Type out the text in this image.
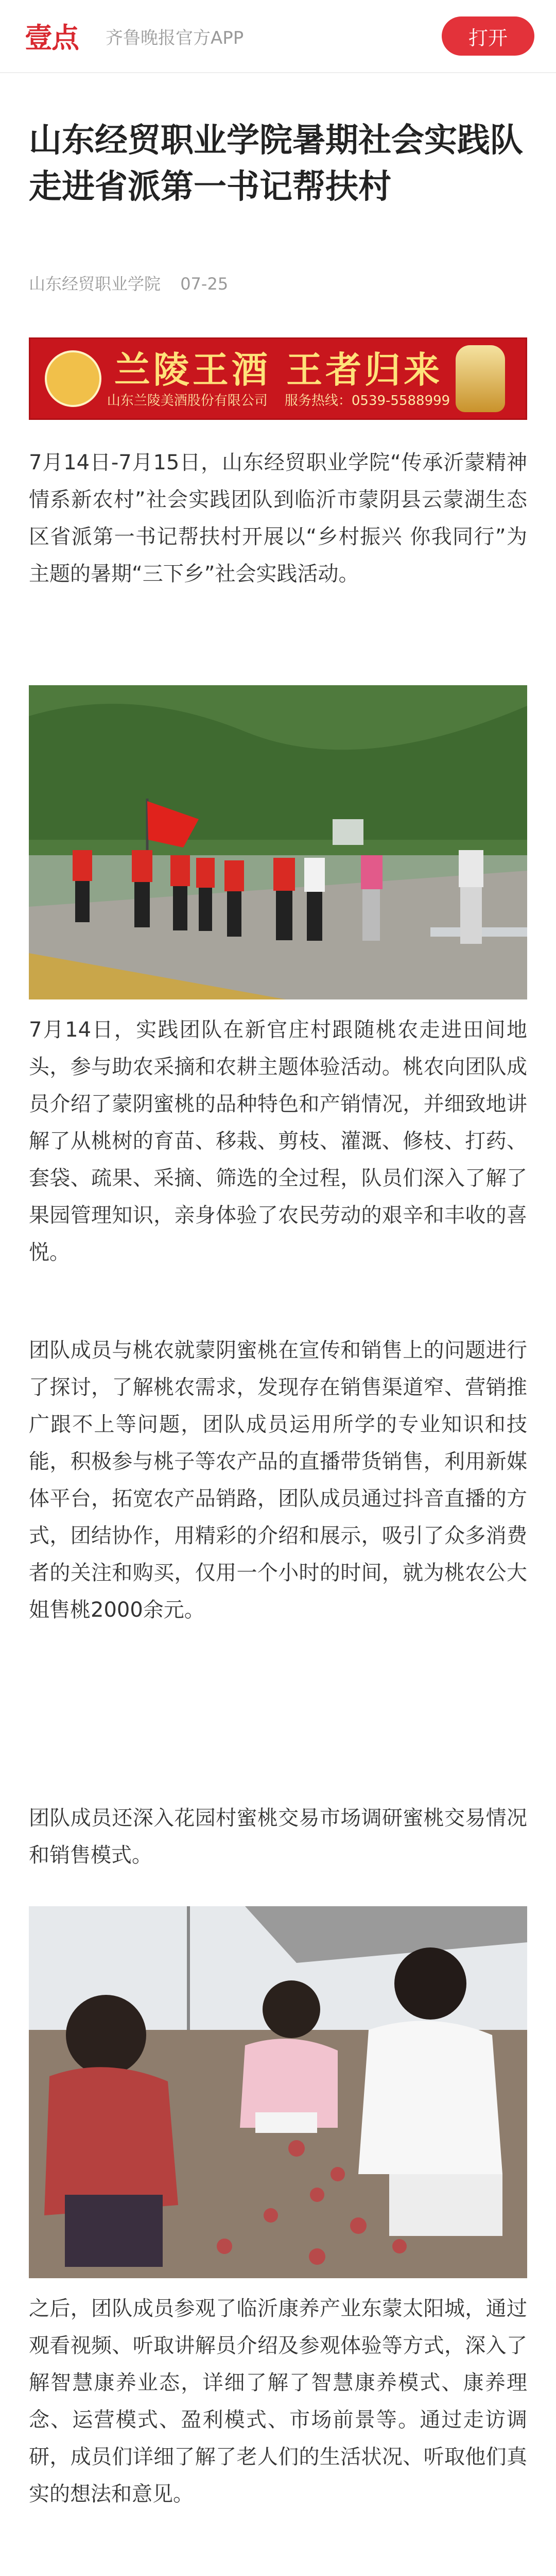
壹点 齐鲁晚报官方APP	打开
山东经贸职业学院暑期社会实践队走进省派第一书记帮扶村
山东经贸职业学院 07-25
兰陵王酒 王者归来
山东兰陵美酒股份有限公司 服务热线：0539-5588999
7月14日-7月15日，山东经贸职业学院“传承沂蒙精神 情系新农村”社会实践团队到临沂市蒙阴县云蒙湖生态区省派第一书记帮扶村开展以“乡村振兴 你我同行”为主题的暑期“三下乡”社会实践活动。
7月14日，实践团队在新官庄村跟随桃农走进田间地头，参与助农采摘和农耕主题体验活动。桃农向团队成员介绍了蒙阴蜜桃的品种特色和产销情况，并细致地讲解了从桃树的育苗、移栽、剪枝、灌溉、修枝、打药、套袋、疏果、采摘、筛选的全过程，队员们深入了解了果园管理知识，亲身体验了农民劳动的艰辛和丰收的喜悦。
团队成员与桃农就蒙阴蜜桃在宣传和销售上的问题进行了探讨，了解桃农需求，发现存在销售渠道窄、营销推广跟不上等问题，团队成员运用所学的专业知识和技能，积极参与桃子等农产品的直播带货销售，利用新媒体平台，拓宽农产品销路，团队成员通过抖音直播的方式，团结协作，用精彩的介绍和展示，吸引了众多消费者的关注和购买，仅用一个小时的时间，就为桃农公大姐售桃2000余元。
团队成员还深入花园村蜜桃交易市场调研蜜桃交易情况和销售模式。
之后，团队成员参观了临沂康养产业东蒙太阳城，通过观看视频、听取讲解员介绍及参观体验等方式，深入了解智慧康养业态，详细了解了智慧康养模式、康养理念、运营模式、盈利模式、市场前景等。通过走访调研，成员们详细了解了老人们的生活状况、听取他们真实的想法和意见。
